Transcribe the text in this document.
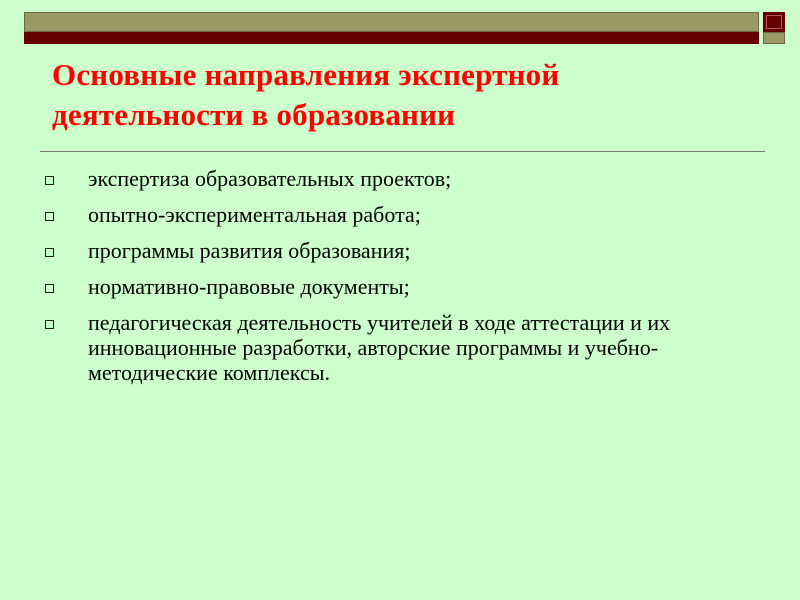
Основные направления экспертной
деятельности в образовании
экспертиза образовательных проектов;
опытно-экспериментальная работа;
программы развития образования;
нормативно-правовые документы;
педагогическая деятельность учителей в ходе аттестации и их инновационные разработки, авторские программы и учебно-методические комплексы.
